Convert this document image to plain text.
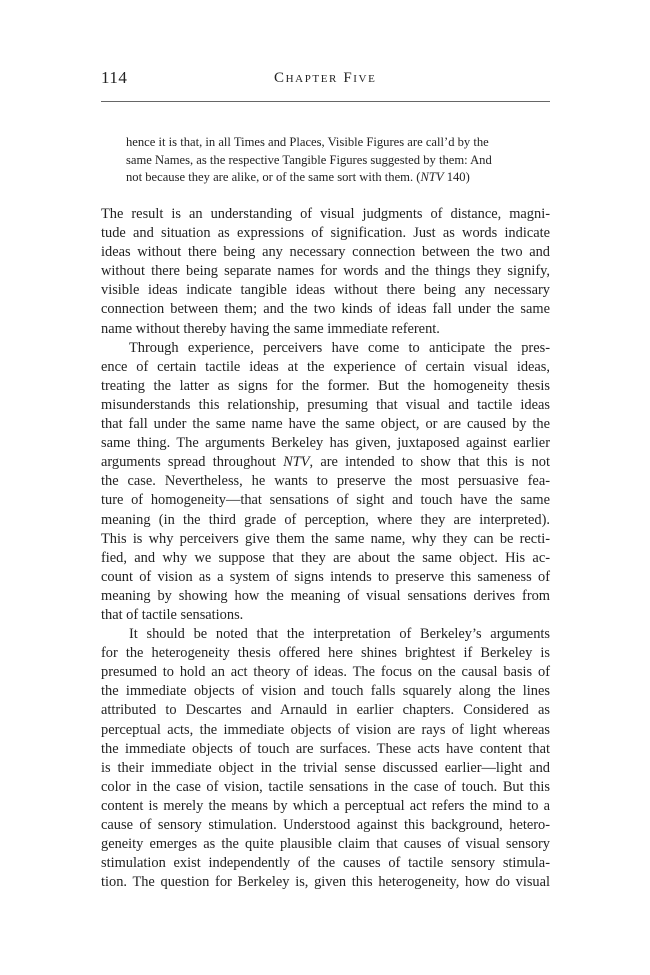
114	Chapter Five

hence it is that, in all Times and Places, Visible Figures are call’d by the
same Names, as the respective Tangible Figures suggested by them: And
not because they are alike, or of the same sort with them. (NTV 140)

The result is an understanding of visual judgments of distance, magni-
tude and situation as expressions of signification. Just as words indicate
ideas without there being any necessary connection between the two and
without there being separate names for words and the things they signify,
visible ideas indicate tangible ideas without there being any necessary
connection between them; and the two kinds of ideas fall under the same
name without thereby having the same immediate referent.

Through experience, perceivers have come to anticipate the pres-
ence of certain tactile ideas at the experience of certain visual ideas,
treating the latter as signs for the former. But the homogeneity thesis
misunderstands this relationship, presuming that visual and tactile ideas
that fall under the same name have the same object, or are caused by the
same thing. The arguments Berkeley has given, juxtaposed against earlier
arguments spread throughout NTV, are intended to show that this is not
the case. Nevertheless, he wants to preserve the most persuasive fea-
ture of homogeneity—that sensations of sight and touch have the same
meaning (in the third grade of perception, where they are interpreted).
This is why perceivers give them the same name, why they can be recti-
fied, and why we suppose that they are about the same object. His ac-
count of vision as a system of signs intends to preserve this sameness of
meaning by showing how the meaning of visual sensations derives from
that of tactile sensations.

It should be noted that the interpretation of Berkeley’s arguments
for the heterogeneity thesis offered here shines brightest if Berkeley is
presumed to hold an act theory of ideas. The focus on the causal basis of
the immediate objects of vision and touch falls squarely along the lines
attributed to Descartes and Arnauld in earlier chapters. Considered as
perceptual acts, the immediate objects of vision are rays of light whereas
the immediate objects of touch are surfaces. These acts have content that
is their immediate object in the trivial sense discussed earlier—light and
color in the case of vision, tactile sensations in the case of touch. But this
content is merely the means by which a perceptual act refers the mind to a
cause of sensory stimulation. Understood against this background, hetero-
geneity emerges as the quite plausible claim that causes of visual sensory
stimulation exist independently of the causes of tactile sensory stimula-
tion. The question for Berkeley is, given this heterogeneity, how do visual
